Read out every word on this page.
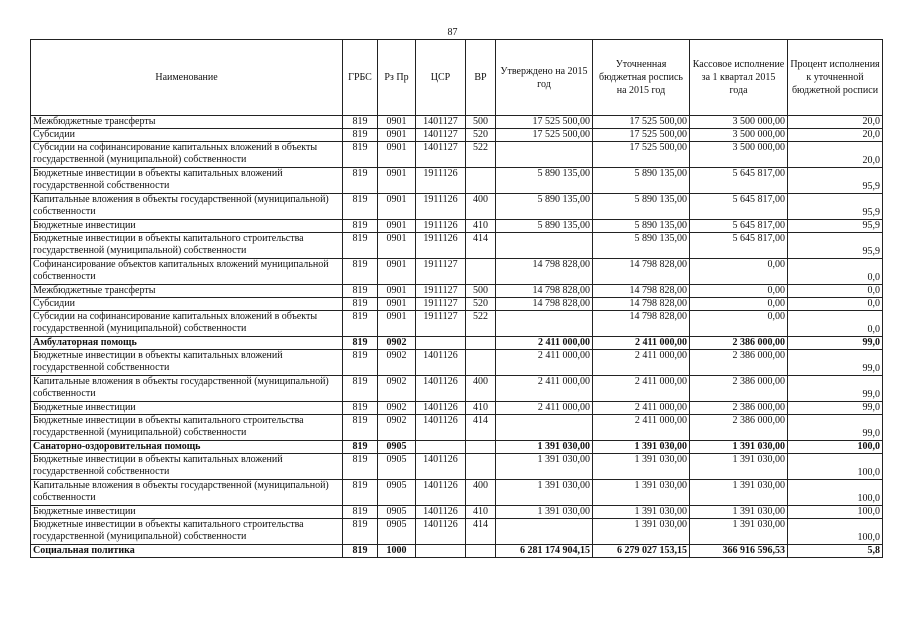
87
Наименование	ГРБС	Рз Пр	ЦСР	ВР	Утверждено на 2015 год	Уточненная бюджетная роспись на 2015 год	Кассовое исполнение за 1 квартал 2015 года	Процент исполнения к уточненной бюджетной росписи
Межбюджетные трансферты	819	0901	1401127	500	17 525 500,00	17 525 500,00	3 500 000,00	20,0
Субсидии	819	0901	1401127	520	17 525 500,00	17 525 500,00	3 500 000,00	20,0
Субсидии на софинансирование капитальных вложений в объекты государственной (муниципальной) собственности	819	0901	1401127	522		17 525 500,00	3 500 000,00	20,0
Бюджетные инвестиции в объекты капитальных вложений государственной собственности	819	0901	1911126		5 890 135,00	5 890 135,00	5 645 817,00	95,9
Капитальные вложения в объекты государственной (муниципальной) собственности	819	0901	1911126	400	5 890 135,00	5 890 135,00	5 645 817,00	95,9
Бюджетные инвестиции	819	0901	1911126	410	5 890 135,00	5 890 135,00	5 645 817,00	95,9
Бюджетные инвестиции в объекты капитального строительства государственной (муниципальной) собственности	819	0901	1911126	414		5 890 135,00	5 645 817,00	95,9
Софинансирование объектов капитальных вложений муниципальной собственности	819	0901	1911127		14 798 828,00	14 798 828,00	0,00	0,0
Межбюджетные трансферты	819	0901	1911127	500	14 798 828,00	14 798 828,00	0,00	0,0
Субсидии	819	0901	1911127	520	14 798 828,00	14 798 828,00	0,00	0,0
Субсидии на софинансирование капитальных вложений в объекты государственной (муниципальной) собственности	819	0901	1911127	522		14 798 828,00	0,00	0,0
Амбулаторная помощь	819	0902			2 411 000,00	2 411 000,00	2 386 000,00	99,0
Бюджетные инвестиции в объекты капитальных вложений государственной собственности	819	0902	1401126		2 411 000,00	2 411 000,00	2 386 000,00	99,0
Капитальные вложения в объекты государственной (муниципальной) собственности	819	0902	1401126	400	2 411 000,00	2 411 000,00	2 386 000,00	99,0
Бюджетные инвестиции	819	0902	1401126	410	2 411 000,00	2 411 000,00	2 386 000,00	99,0
Бюджетные инвестиции в объекты капитального строительства государственной (муниципальной) собственности	819	0902	1401126	414		2 411 000,00	2 386 000,00	99,0
Санаторно-оздоровительная помощь	819	0905			1 391 030,00	1 391 030,00	1 391 030,00	100,0
Бюджетные инвестиции в объекты капитальных вложений государственной собственности	819	0905	1401126		1 391 030,00	1 391 030,00	1 391 030,00	100,0
Капитальные вложения в объекты государственной (муниципальной) собственности	819	0905	1401126	400	1 391 030,00	1 391 030,00	1 391 030,00	100,0
Бюджетные инвестиции	819	0905	1401126	410	1 391 030,00	1 391 030,00	1 391 030,00	100,0
Бюджетные инвестиции в объекты капитального строительства государственной (муниципальной) собственности	819	0905	1401126	414		1 391 030,00	1 391 030,00	100,0
Социальная политика	819	1000			6 281 174 904,15	6 279 027 153,15	366 916 596,53	5,8
